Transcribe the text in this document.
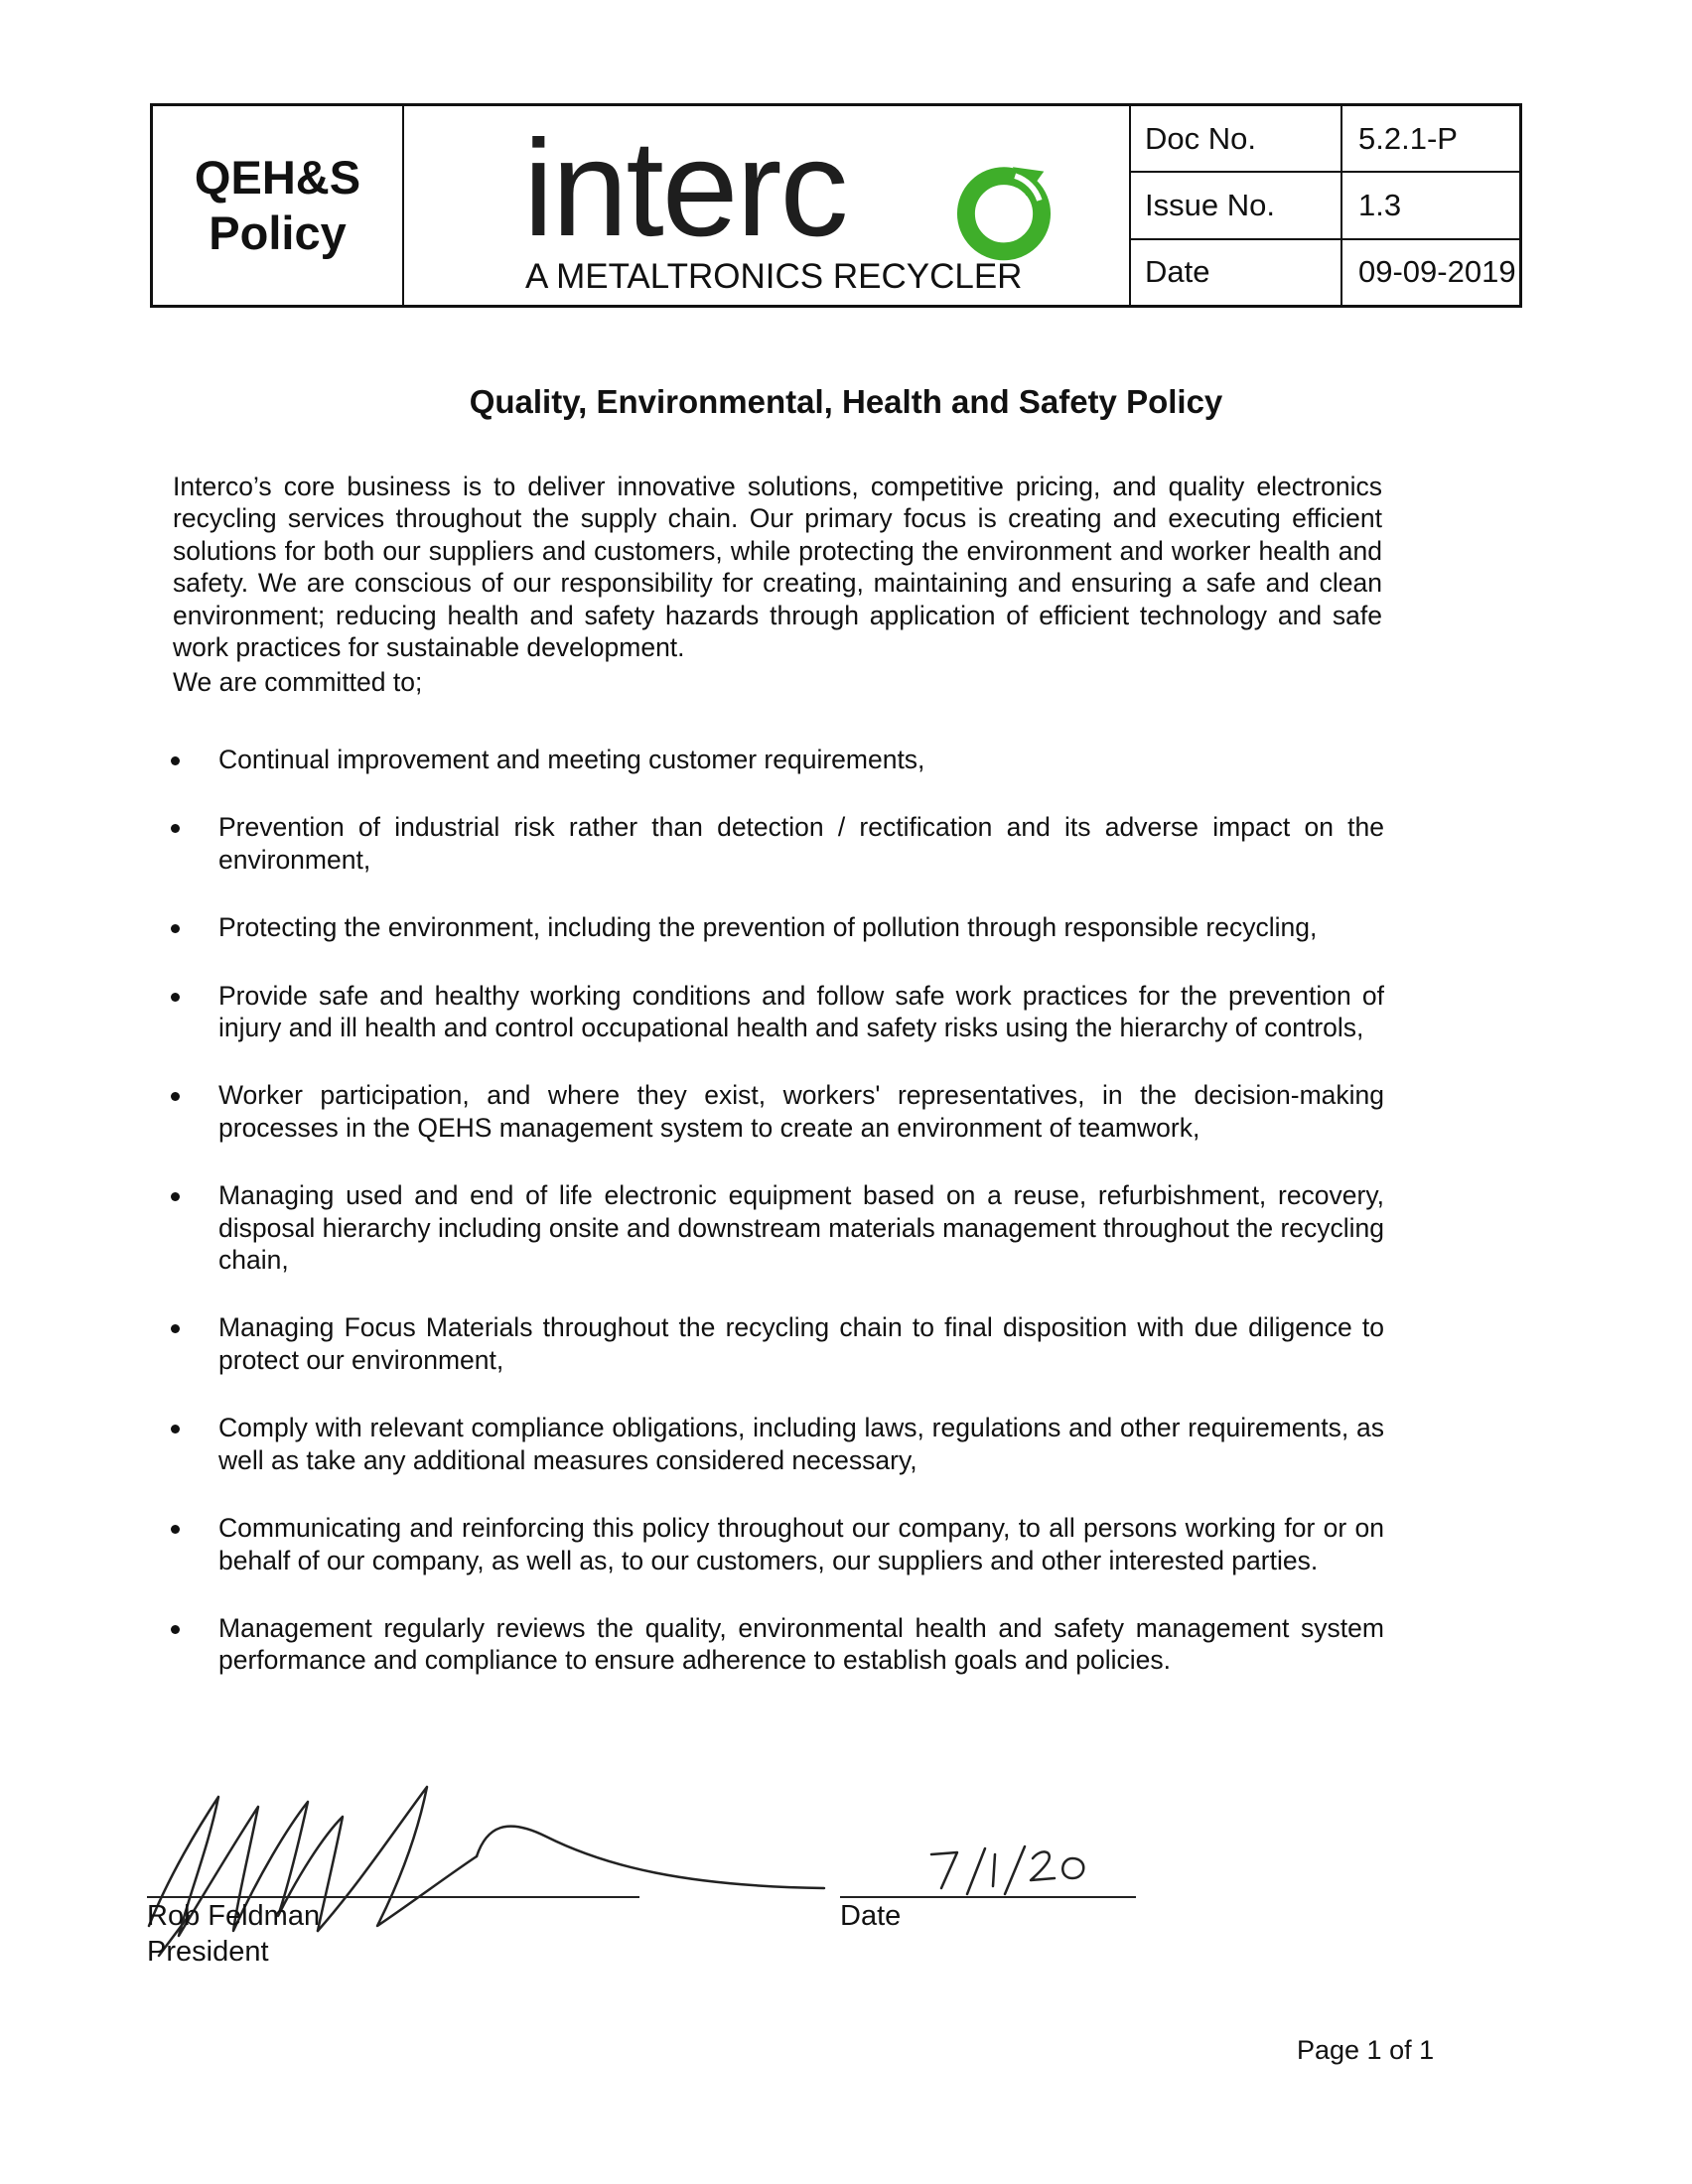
QEH&S
Policy interc
A METALTRONICS RECYCLER
Doc No.	5.2.1-P
Issue No.	1.3
Date	09-09-2019
Quality, Environmental, Health and Safety Policy
Interco’s core business is to deliver innovative solutions, competitive pricing, and quality electronics recycling services throughout the supply chain. Our primary focus is creating and executing efficient solutions for both our suppliers and customers, while protecting the environment and worker health and safety. We are conscious of our responsibility for creating, maintaining and ensuring a safe and clean environment; reducing health and safety hazards through application of efficient technology and safe work practices for sustainable development.
We are committed to;
Continual improvement and meeting customer requirements,
Prevention of industrial risk rather than detection / rectification and its adverse impact on the environment,
Protecting the environment, including the prevention of pollution through responsible recycling,
Provide safe and healthy working conditions and follow safe work practices for the prevention of injury and ill health and control occupational health and safety risks using the hierarchy of controls,
Worker participation, and where they exist, workers' representatives, in the decision-making processes in the QEHS management system to create an environment of teamwork,
Managing used and end of life electronic equipment based on a reuse, refurbishment, recovery, disposal hierarchy including onsite and downstream materials management throughout the recycling chain,
Managing Focus Materials throughout the recycling chain to final disposition with due diligence to protect our environment,
Comply with relevant compliance obligations, including laws, regulations and other requirements, as well as take any additional measures considered necessary,
Communicating and reinforcing this policy throughout our company, to all persons working for or on behalf of our company, as well as, to our customers, our suppliers and other interested parties.
Management regularly reviews the quality, environmental health and safety management system performance and compliance to ensure adherence to establish goals and policies.
Rob Feldman
President
Date
Page 1 of 1
